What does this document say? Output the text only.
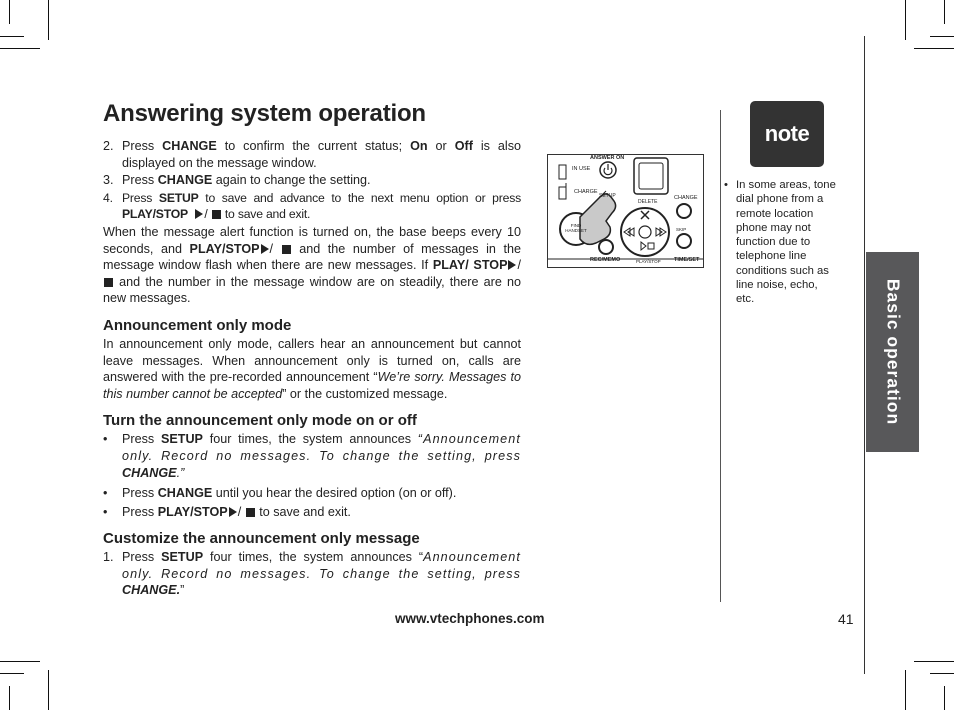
Answering system operation
2. Press CHANGE to confirm the current status; On or Off is also displayed on the message window.
3. Press CHANGE again to change the setting.
4. Press SETUP to save and advance to the next menu option or press PLAY/STOP /  to save and exit.

When the message alert function is turned on, the base beeps every 10 seconds, and PLAY/STOP /  and the number of messages in the message window flash when there are new messages. If PLAY/ STOP /  and the number in the message window are on steadily, there are no new messages.

Announcement only mode

In announcement only mode, callers hear an announcement but cannot leave messages. When announcement only is turned on, calls are answered with the pre-recorded announcement “We’re sorry. Messages to this number cannot be accepted” or the customized message.

Turn the announcement only mode on or off
• Press SETUP four times, the system announces “Announcement only. Record no messages. To change the setting, press CHANGE.”
• Press CHANGE until you hear the desired option (on or off).
• Press PLAY/STOP /  to save and exit.
Customize the announcement only message
1. Press SETUP four times, the system announces “Announcement only. Record no messages. To change the setting, press CHANGE.”
ANSWER ON
IN USE
CHARGE
SETUP
DELETE
CHANGE
FIND HANDSET	SKIP
REC/MEMO	PLAY/STOP TIME/SET
note
• In some areas, tone dial phone from a remote location phone may not function due to telephone line conditions such as line noise, echo, etc.	Basic operation
www.vtechphones.com	41
